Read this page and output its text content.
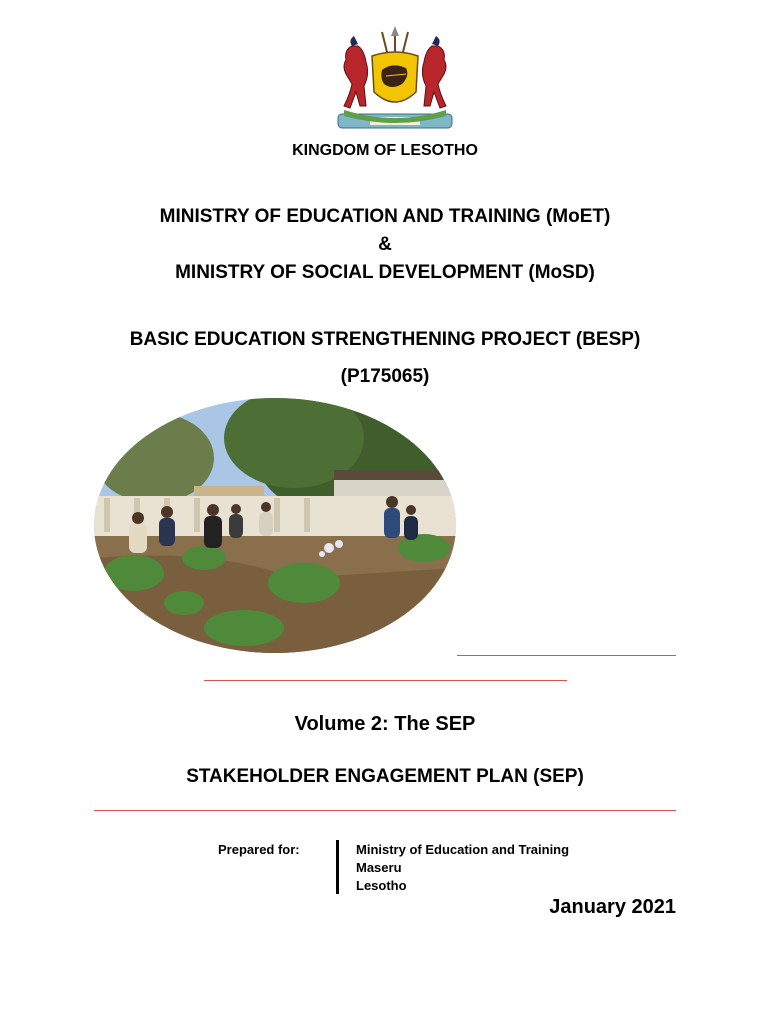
KINGDOM OF LESOTHO
MINISTRY OF EDUCATION AND TRAINING (MoET)
&
MINISTRY OF SOCIAL DEVELOPMENT (MoSD)
BASIC EDUCATION STRENGTHENING PROJECT (BESP)
(P175065)
Volume 2: The SEP
STAKEHOLDER ENGAGEMENT PLAN (SEP)
Prepared for:	Ministry of Education and Training
Maseru
Lesotho
January 2021
